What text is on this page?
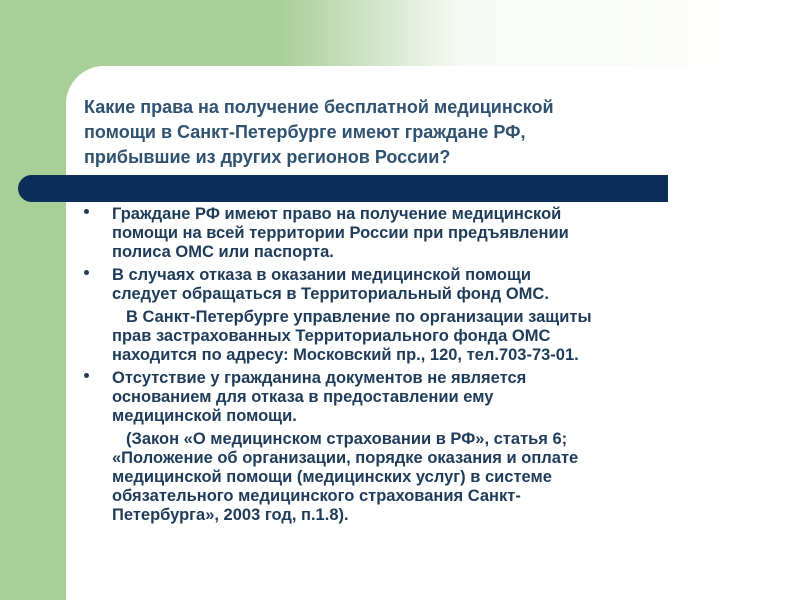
Какие права на получение бесплатной медицинской
помощи в Санкт-Петербурге имеют граждане РФ,
прибывшие из других регионов России?
Граждане РФ имеют право на получение медицинской
помощи на всей территории России при предъявлении
полиса ОМС или паспорта.
В случаях отказа в оказании медицинской помощи
следует обращаться в Территориальный фонд ОМС.
В Санкт-Петербурге управление по организации защиты
прав застрахованных Территориального фонда ОМС
находится по адресу: Московский пр., 120, тел.703-73-01.
Отсутствие у гражданина документов не является
основанием для отказа в предоставлении ему
медицинской помощи.
(Закон «О медицинском страховании в РФ», статья 6;
«Положение об организации, порядке оказания и оплате
медицинской помощи (медицинских услуг) в системе
обязательного медицинского страхования Санкт-
Петербурга», 2003 год, п.1.8).
